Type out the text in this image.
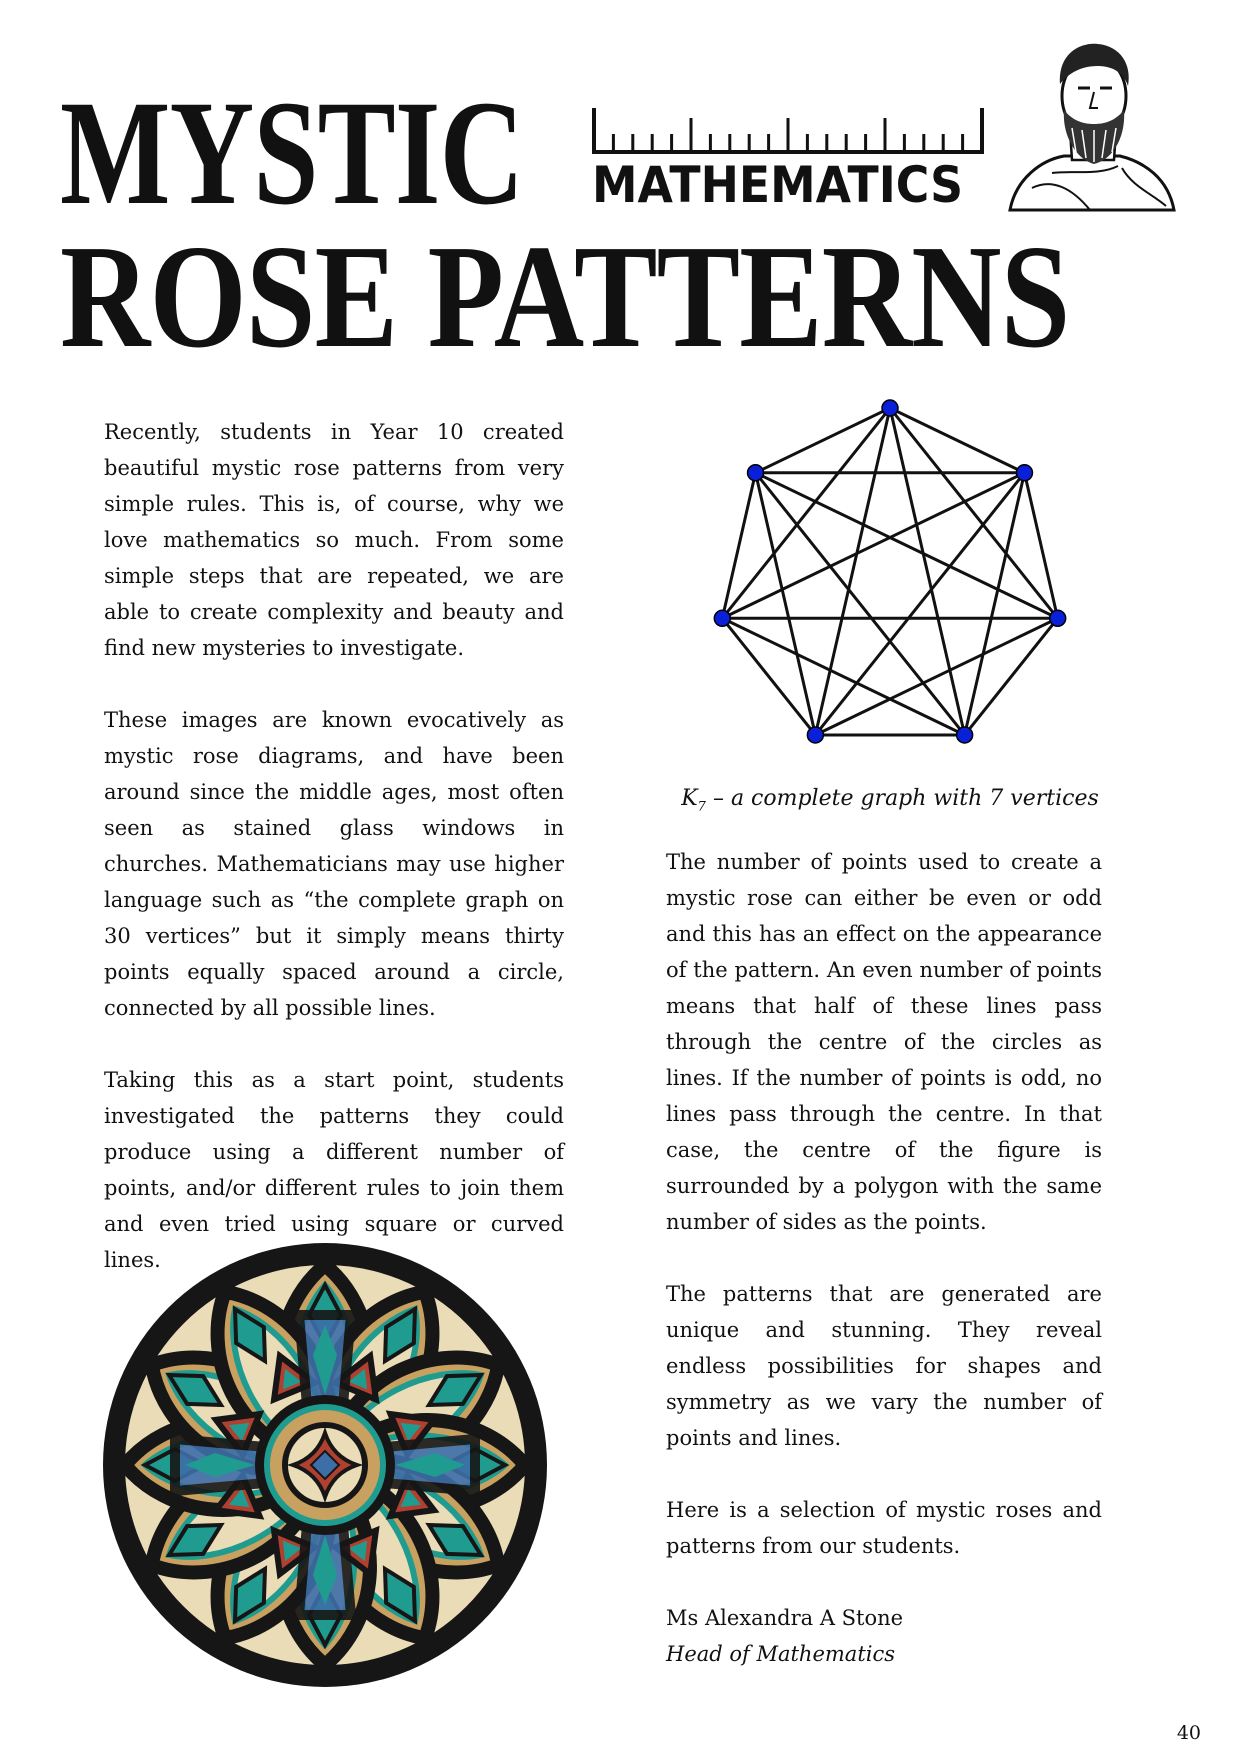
MYSTIC
ROSE PATTERNS

MATHEMATICS

Recently, students in Year 10 created beautiful mystic rose patterns from very simple rules. This is, of course, why we love mathematics so much. From some simple steps that are repeated, we are able to create complexity and beauty and find new mysteries to investigate.

These images are known evocatively as mystic rose diagrams, and have been around since the middle ages, most often seen as stained glass windows in churches. Mathematicians may use higher language such as “the complete graph on 30 vertices” but it simply means thirty points equally spaced around a circle, connected by all possible lines.

Taking this as a start point, students investigated the patterns they could produce using a different number of points, and/or different rules to join them and even tried using square or curved lines.

$K_7$ – a complete graph with 7 vertices

The number of points used to create a mystic rose can either be even or odd and this has an effect on the appearance of the pattern. An even number of points means that half of these lines pass through the centre of the circles as lines. If the number of points is odd, no lines pass through the centre. In that case, the centre of the figure is surrounded by a polygon with the same number of sides as the points.

The patterns that are generated are unique and stunning. They reveal endless possibilities for shapes and symmetry as we vary the number of points and lines.

Here is a selection of mystic roses and patterns from our students.

Ms Alexandra A Stone
Head of Mathematics

40
